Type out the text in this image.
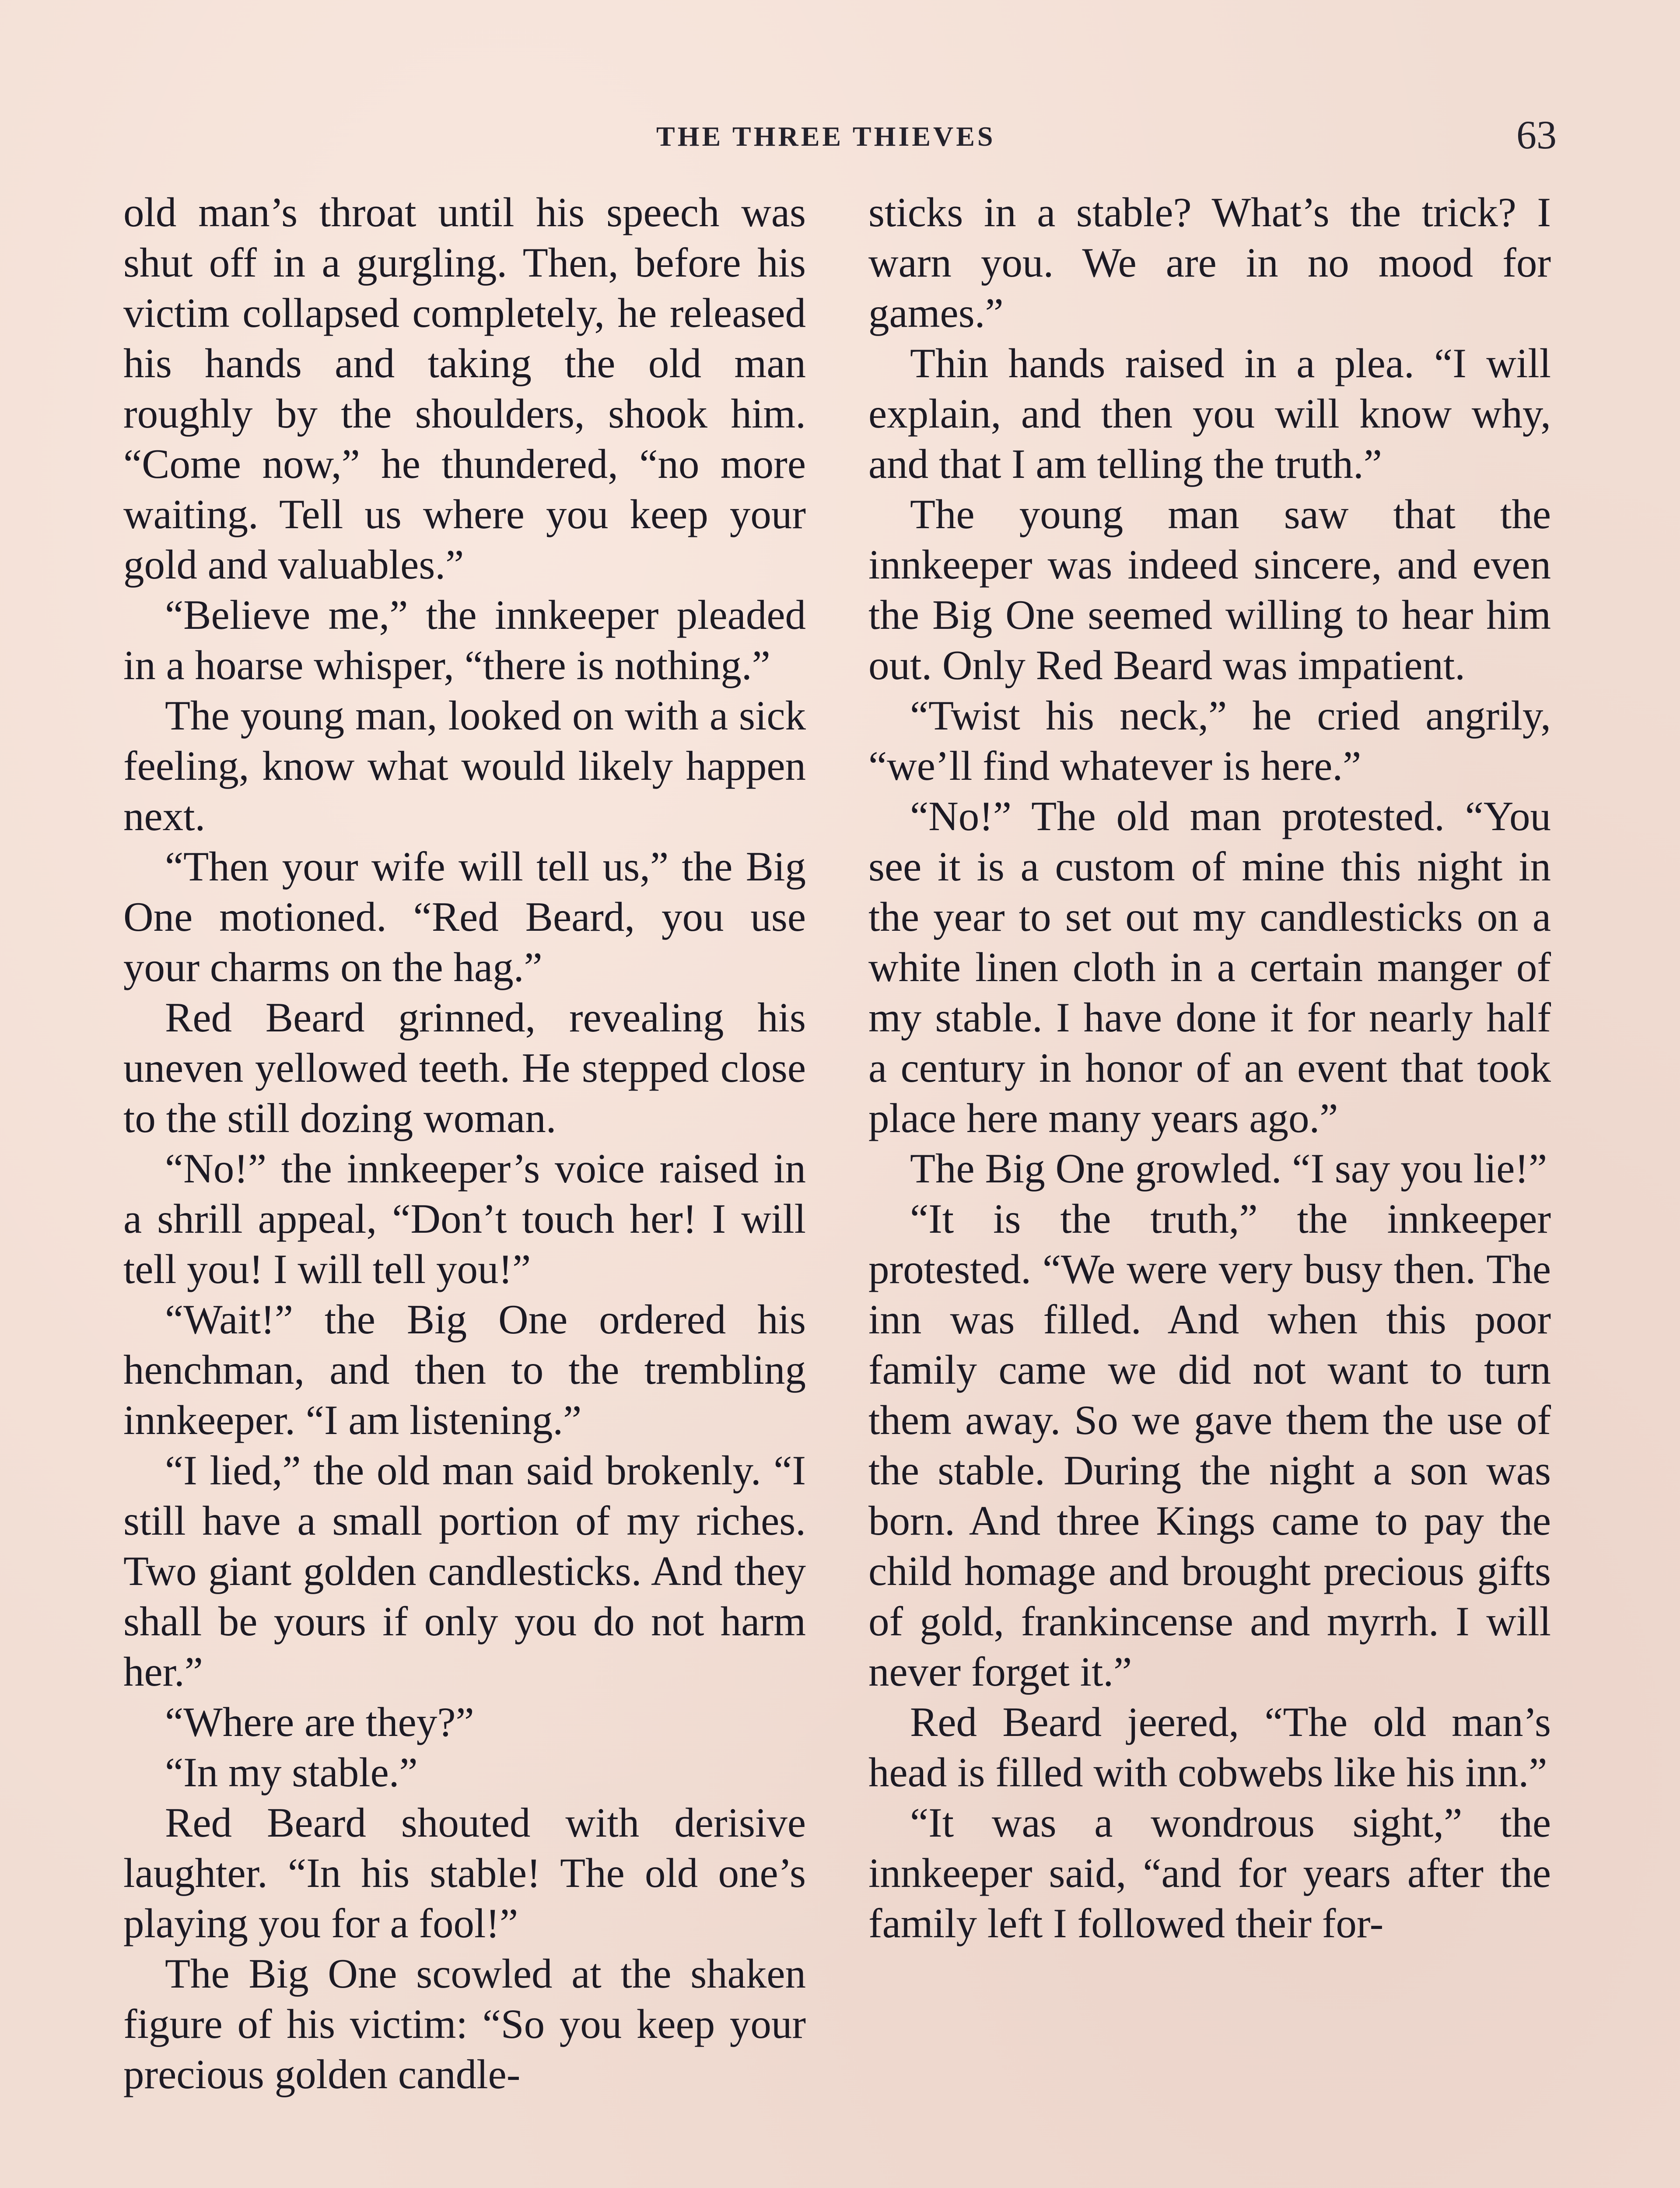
THE THREE THIEVES	63

old man’s throat until his speech was shut off in a gurgling. Then, before his victim collapsed completely, he released his hands and taking the old man roughly by the shoulders, shook him. “Come now,” he thundered, “no more waiting. Tell us where you keep your gold and valuables.”

“Believe me,” the innkeeper pleaded in a hoarse whisper, “there is nothing.”

The young man, looked on with a sick feeling, know what would likely happen next.

“Then your wife will tell us,” the Big One motioned. “Red Beard, you use your charms on the hag.”

Red Beard grinned, revealing his uneven yellowed teeth. He stepped close to the still dozing woman.

“No!” the innkeeper’s voice raised in a shrill appeal, “Don’t touch her! I will tell you! I will tell you!”

“Wait!” the Big One ordered his henchman, and then to the trembling innkeeper. “I am listening.”

“I lied,” the old man said brokenly. “I still have a small portion of my riches. Two giant golden candlesticks. And they shall be yours if only you do not harm her.”

“Where are they?”

“In my stable.”

Red Beard shouted with derisive laughter. “In his stable! The old one’s playing you for a fool!”

The Big One scowled at the shaken figure of his victim: “So you keep your precious golden candle-

sticks in a stable? What’s the trick? I warn you. We are in no mood for games.”

Thin hands raised in a plea. “I will explain, and then you will know why, and that I am telling the truth.”

The young man saw that the innkeeper was indeed sincere, and even the Big One seemed willing to hear him out. Only Red Beard was impatient.

“Twist his neck,” he cried angrily, “we’ll find whatever is here.”

“No!” The old man protested. “You see it is a custom of mine this night in the year to set out my candlesticks on a white linen cloth in a certain manger of my stable. I have done it for nearly half a century in honor of an event that took place here many years ago.”

The Big One growled. “I say you lie!”

“It is the truth,” the innkeeper protested. “We were very busy then. The inn was filled. And when this poor family came we did not want to turn them away. So we gave them the use of the stable. During the night a son was born. And three Kings came to pay the child homage and brought precious gifts of gold, frankincense and myrrh. I will never forget it.”

Red Beard jeered, “The old man’s head is filled with cobwebs like his inn.”

“It was a wondrous sight,” the innkeeper said, “and for years after the family left I followed their for-
